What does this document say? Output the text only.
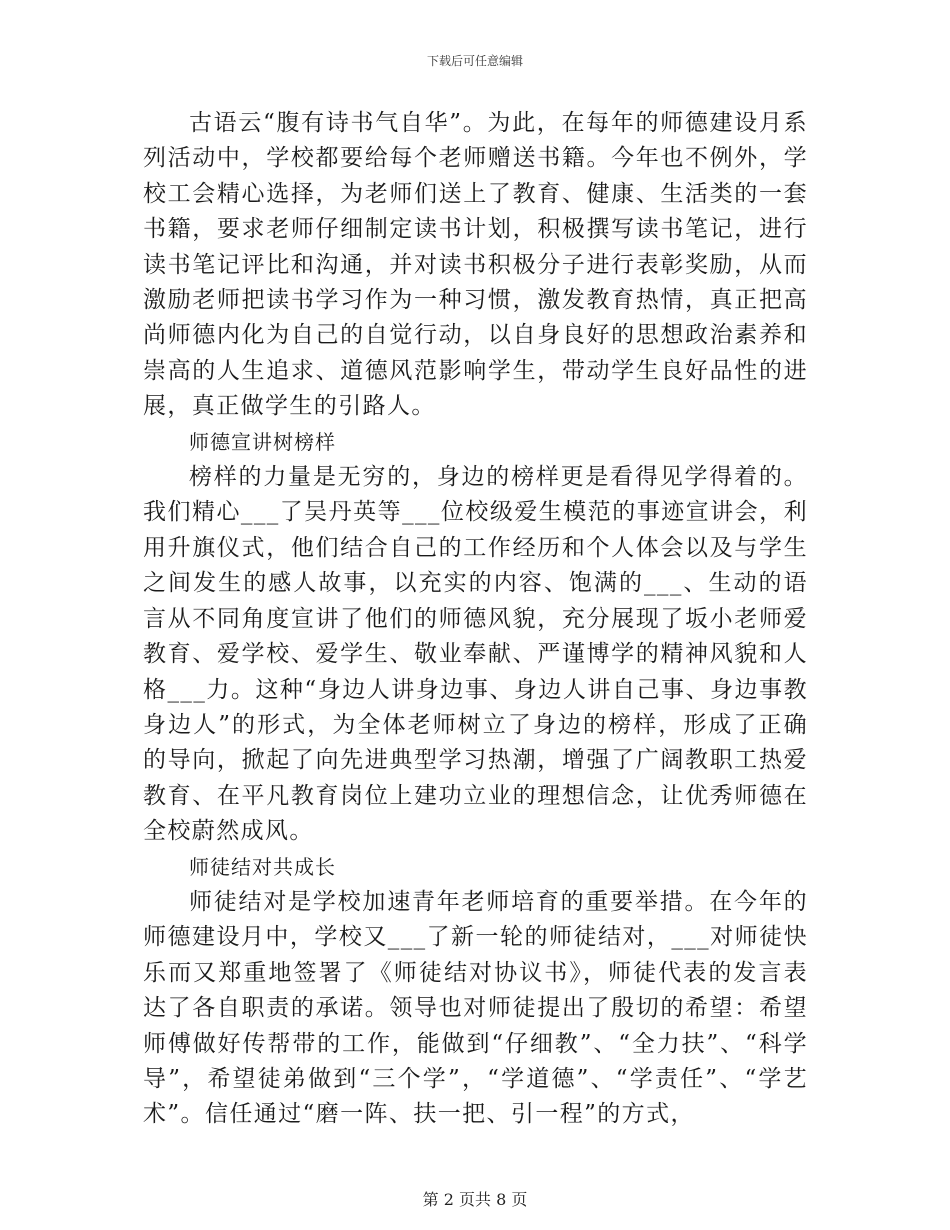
下载后可任意编辑

古语云“腹有诗书气自华”。为此，在每年的师德建设月系列活动中，学校都要给每个老师赠送书籍。今年也不例外，学校工会精心选择，为老师们送上了教育、健康、生活类的一套书籍，要求老师仔细制定读书计划，积极撰写读书笔记，进行读书笔记评比和沟通，并对读书积极分子进行表彰奖励，从而激励老师把读书学习作为一种习惯，激发教育热情，真正把高尚师德内化为自己的自觉行动，以自身良好的思想政治素养和崇高的人生追求、道德风范影响学生，带动学生良好品性的进展，真正做学生的引路人。

师德宣讲树榜样

榜样的力量是无穷的，身边的榜样更是看得见学得着的。我们精心___了吴丹英等___位校级爱生模范的事迹宣讲会，利用升旗仪式，他们结合自己的工作经历和个人体会以及与学生之间发生的感人故事，以充实的内容、饱满的___、生动的语言从不同角度宣讲了他们的师德风貌，充分展现了坂小老师爱教育、爱学校、爱学生、敬业奉献、严谨博学的精神风貌和人格___力。这种“身边人讲身边事、身边人讲自己事、身边事教身边人”的形式，为全体老师树立了身边的榜样，形成了正确的导向，掀起了向先进典型学习热潮，增强了广阔教职工热爱教育、在平凡教育岗位上建功立业的理想信念，让优秀师德在全校蔚然成风。

师徒结对共成长

师徒结对是学校加速青年老师培育的重要举措。在今年的师德建设月中，学校又___了新一轮的师徒结对，___对师徒快乐而又郑重地签署了《师徒结对协议书》，师徒代表的发言表达了各自职责的承诺。领导也对师徒提出了殷切的希望：希望师傅做好传帮带的工作，能做到“仔细教”、“全力扶”、“科学导”，希望徒弟做到“三个学”，“学道德”、“学责任”、“学艺术”。信任通过“磨一阵、扶一把、引一程”的方式，

第 2 页共 8 页
